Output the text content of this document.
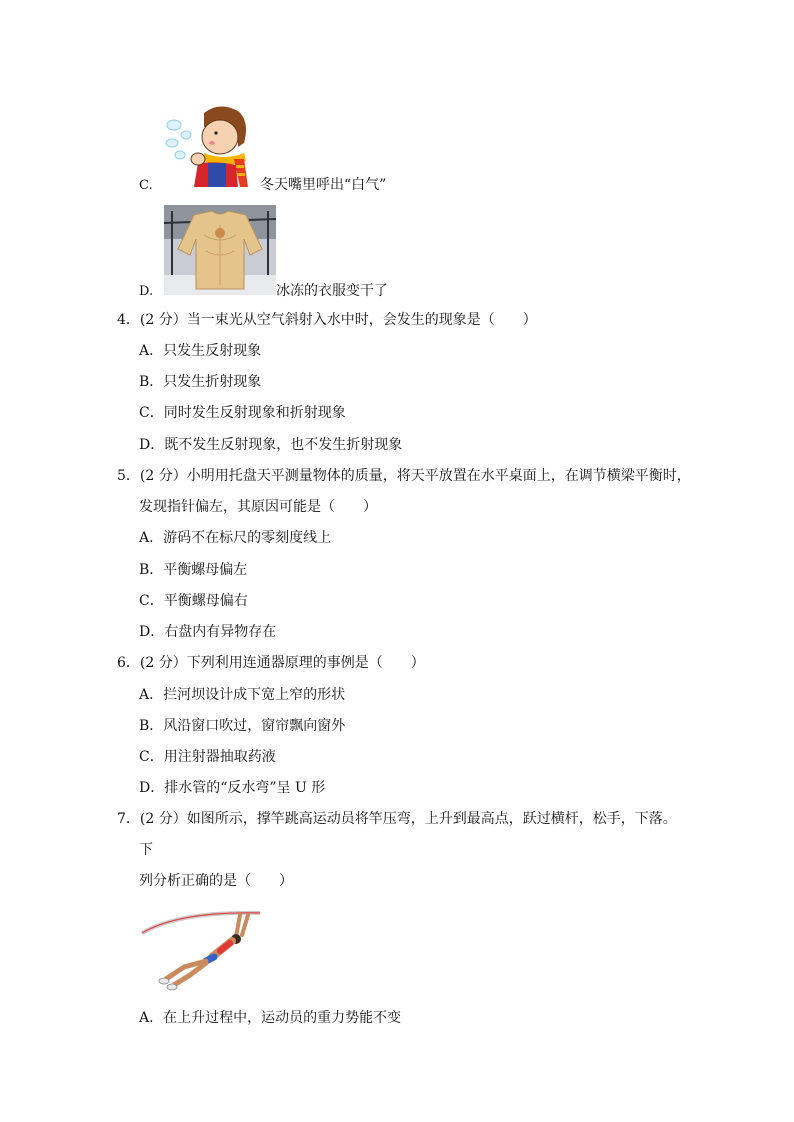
C.	冬天嘴里呼出“白气”
D.	冰冻的衣服变干了
4．(2 分）当一束光从空气斜射入水中时，会发生的现象是（　　）
A．只发生反射现象
B．只发生折射现象
C．同时发生反射现象和折射现象
D．既不发生反射现象，也不发生折射现象
5．(2 分）小明用托盘天平测量物体的质量，将天平放置在水平桌面上，在调节横梁平衡时，
发现指针偏左，其原因可能是（　　）
A．游码不在标尺的零刻度线上
B．平衡螺母偏左
C．平衡螺母偏右
D．右盘内有异物存在
6．(2 分）下列利用连通器原理的事例是（　　）
A．拦河坝设计成下宽上窄的形状
B．风沿窗口吹过，窗帘飘向窗外
C．用注射器抽取药液
D．排水管的“反水弯”呈 U 形
7．(2 分）如图所示，撑竿跳高运动员将竿压弯，上升到最高点，跃过横杆，松手，下落。
下
列分析正确的是（　　）
A．在上升过程中，运动员的重力势能不变
